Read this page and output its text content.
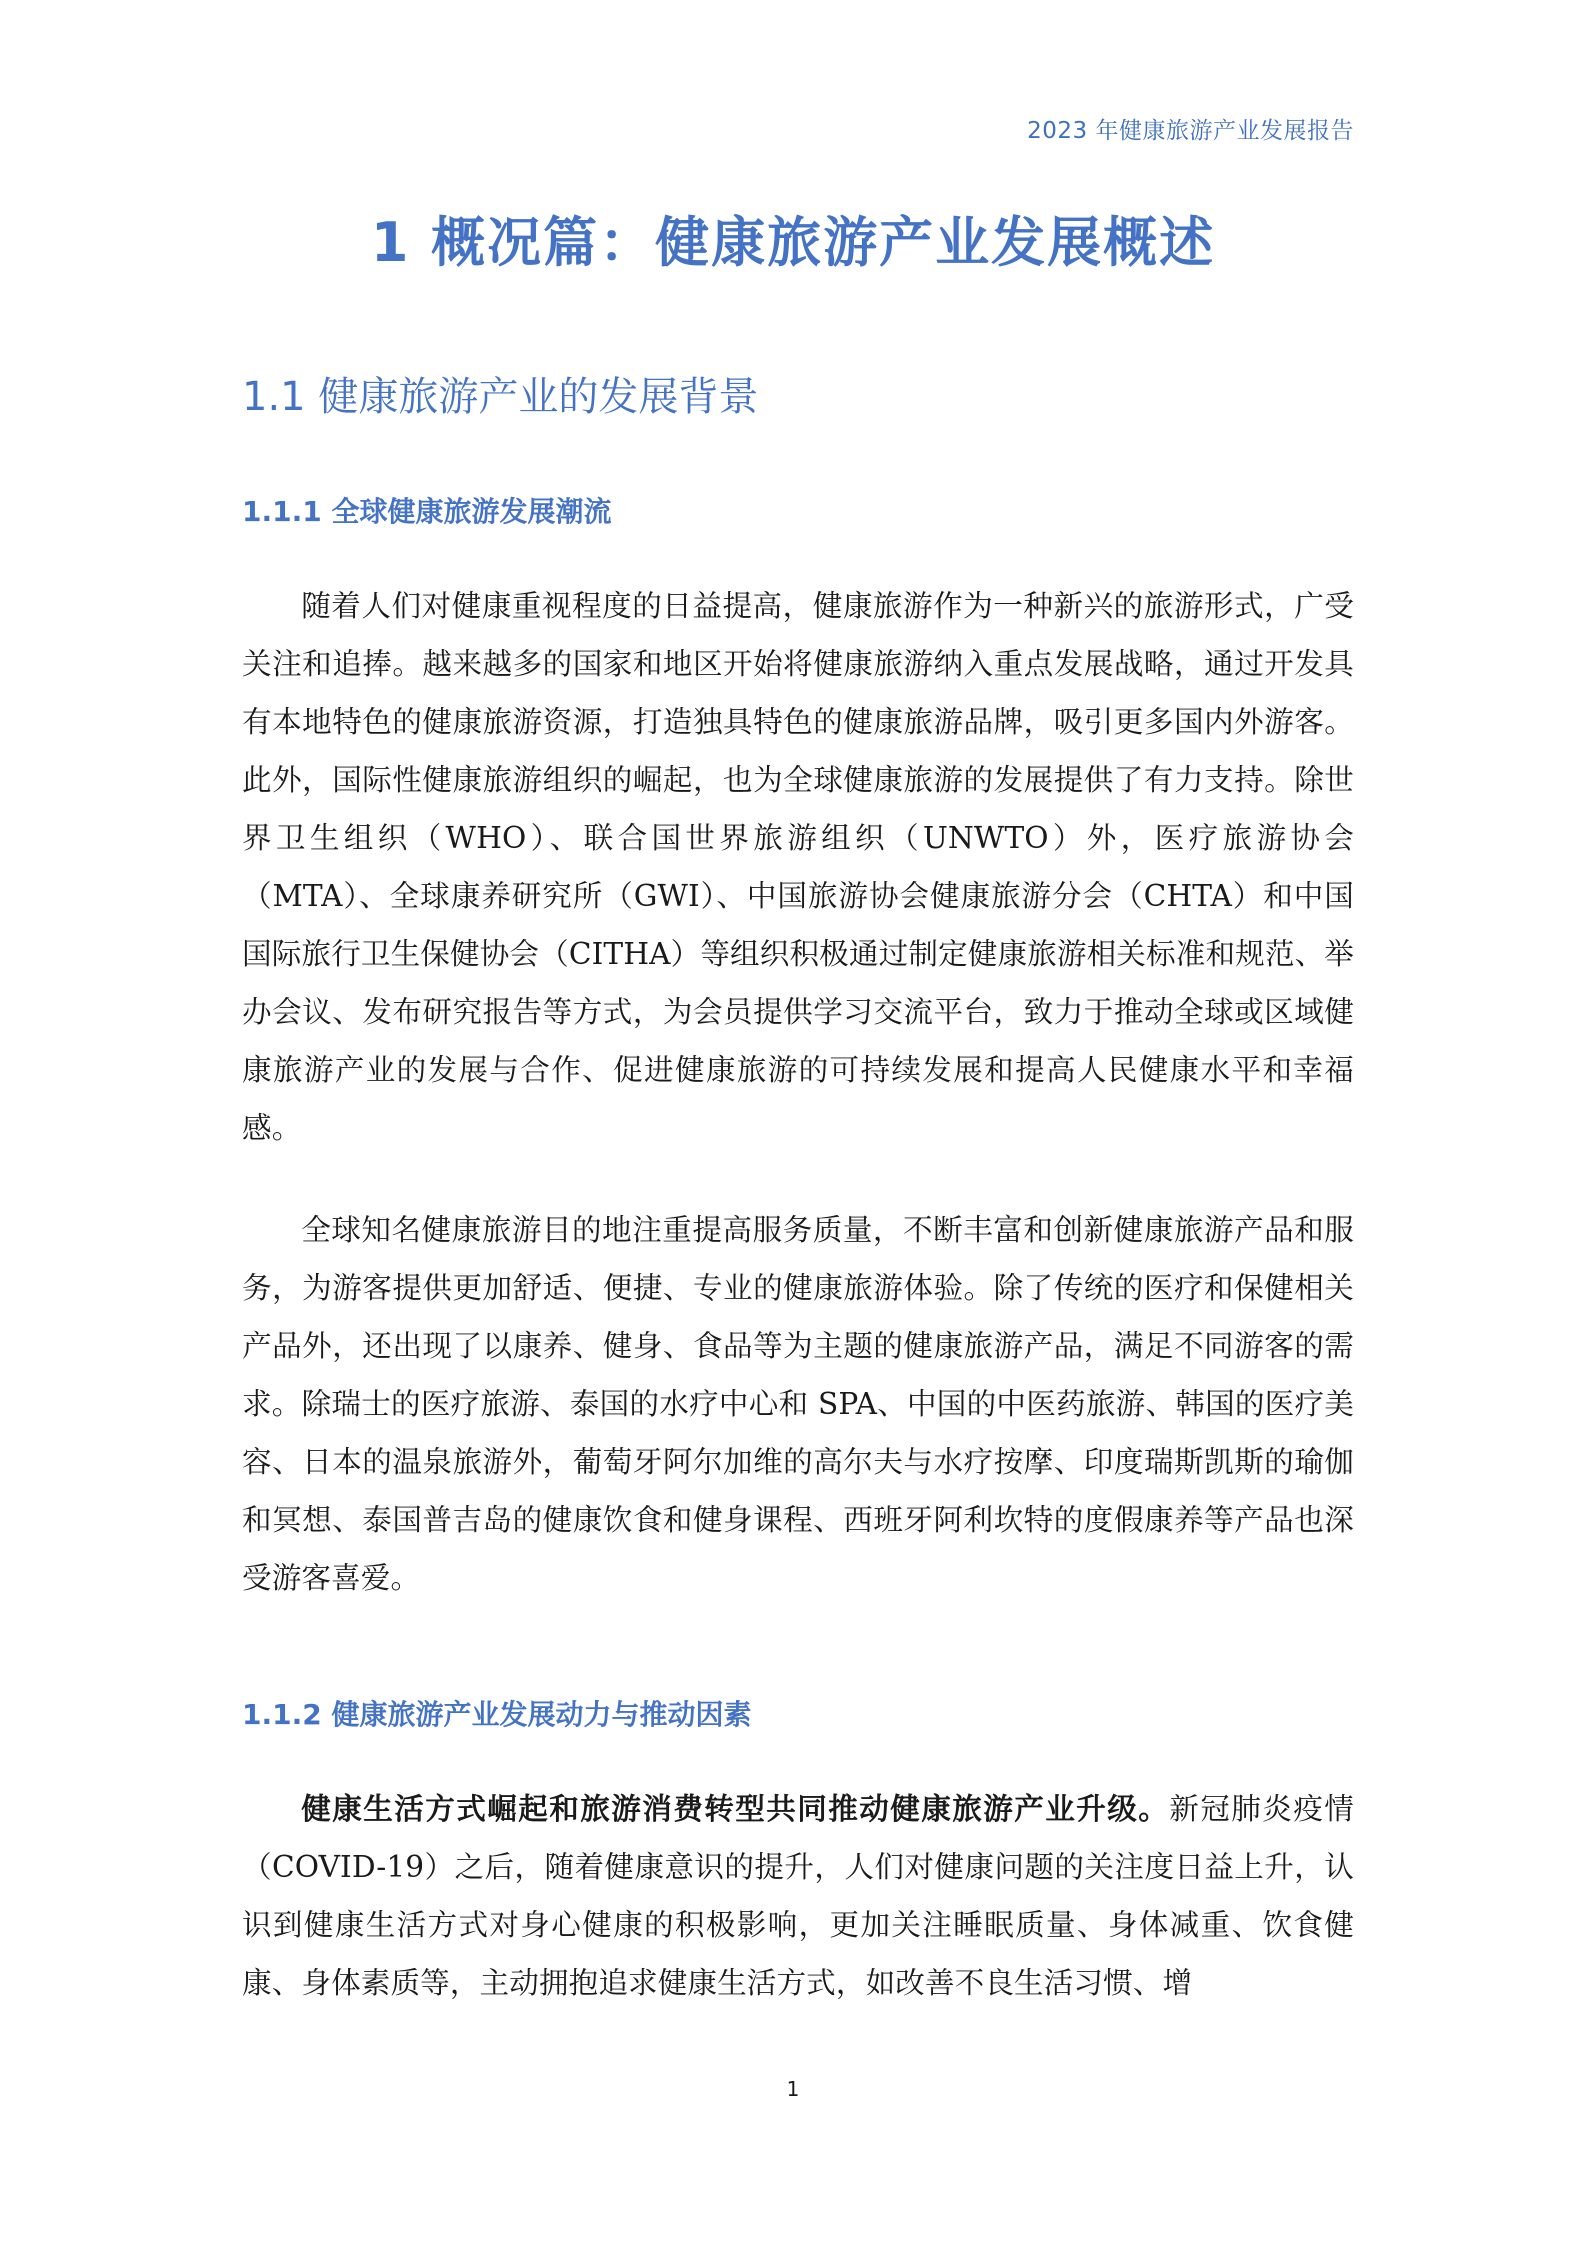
2023 年健康旅游产业发展报告
1 概况篇：健康旅游产业发展概述
1.1 健康旅游产业的发展背景
1.1.1 全球健康旅游发展潮流

随着人们对健康重视程度的日益提高，健康旅游作为一种新兴的旅游形式，广受关注和追捧。越来越多的国家和地区开始将健康旅游纳入重点发展战略，通过开发具有本地特色的健康旅游资源，打造独具特色的健康旅游品牌，吸引更多国内外游客。此外，国际性健康旅游组织的崛起，也为全球健康旅游的发展提供了有力支持。除世界卫生组织（WHO）、联合国世界旅游组织（UNWTO）外，医疗旅游协会（MTA）、全球康养研究所（GWI）、中国旅游协会健康旅游分会（CHTA）和中国国际旅行卫生保健协会（CITHA）等组织积极通过制定健康旅游相关标准和规范、举办会议、发布研究报告等方式，为会员提供学习交流平台，致力于推动全球或区域健康旅游产业的发展与合作、促进健康旅游的可持续发展和提高人民健康水平和幸福感。

全球知名健康旅游目的地注重提高服务质量，不断丰富和创新健康旅游产品和服务，为游客提供更加舒适、便捷、专业的健康旅游体验。除了传统的医疗和保健相关产品外，还出现了以康养、健身、食品等为主题的健康旅游产品，满足不同游客的需求。除瑞士的医疗旅游、泰国的水疗中心和 SPA、中国的中医药旅游、韩国的医疗美容、日本的温泉旅游外，葡萄牙阿尔加维的高尔夫与水疗按摩、印度瑞斯凯斯的瑜伽和冥想、泰国普吉岛的健康饮食和健身课程、西班牙阿利坎特的度假康养等产品也深受游客喜爱。

1.1.2 健康旅游产业发展动力与推动因素

健康生活方式崛起和旅游消费转型共同推动健康旅游产业升级。新冠肺炎疫情（COVID-19）之后，随着健康意识的提升，人们对健康问题的关注度日益上升，认识到健康生活方式对身心健康的积极影响，更加关注睡眠质量、身体减重、饮食健康、身体素质等，主动拥抱追求健康生活方式，如改善不良生活习惯、增

1
